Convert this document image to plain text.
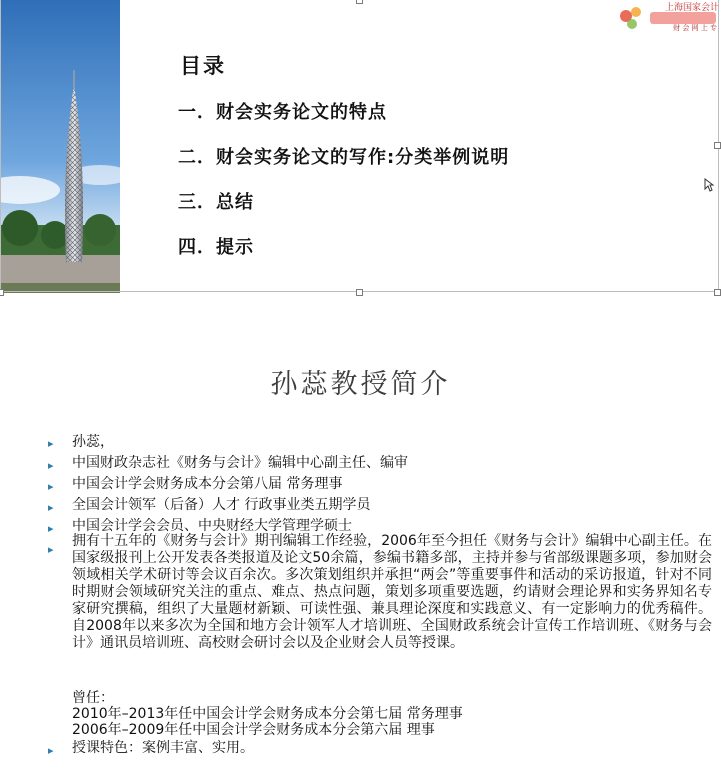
目录
一．财会实务论文的特点
二．财会实务论文的写作:分类举例说明
三．总结
四．提示
上海国家会计
财 会 网 上 专
孙蕊教授简介
▸ 孙蕊，
▸ 中国财政杂志社《财务与会计》编辑中心副主任、编审
▸ 中国会计学会财务成本分会第八届 常务理事
▸ 全国会计领军（后备）人才 行政事业类五期学员
▸ 中国会计学会会员、中央财经大学管理学硕士
▸
拥有十五年的《财务与会计》期刊编辑工作经验，2006年至今担任《财务与会计》编辑中心副主任。在国家级报刊上公开发表各类报道及论文50余篇，参编书籍多部，主持并参与省部级课题多项，参加财会领域相关学术研讨等会议百余次。多次策划组织并承担“两会”等重要事件和活动的采访报道，针对不同时期财会领域研究关注的重点、难点、热点问题，策划多项重要选题，约请财会理论界和实务界知名专家研究撰稿，组织了大量题材新颖、可读性强、兼具理论深度和实践意义、有一定影响力的优秀稿件。自2008年以来多次为全国和地方会计领军人才培训班、全国财政系统会计宣传工作培训班、《财务与会计》通讯员培训班、高校财会研讨会以及企业财会人员等授课。
曾任：
2010年–2013年任中国会计学会财务成本分会第七届 常务理事
2006年–2009年任中国会计学会财务成本分会第六届 理事
▸ 授课特色：案例丰富、实用。
